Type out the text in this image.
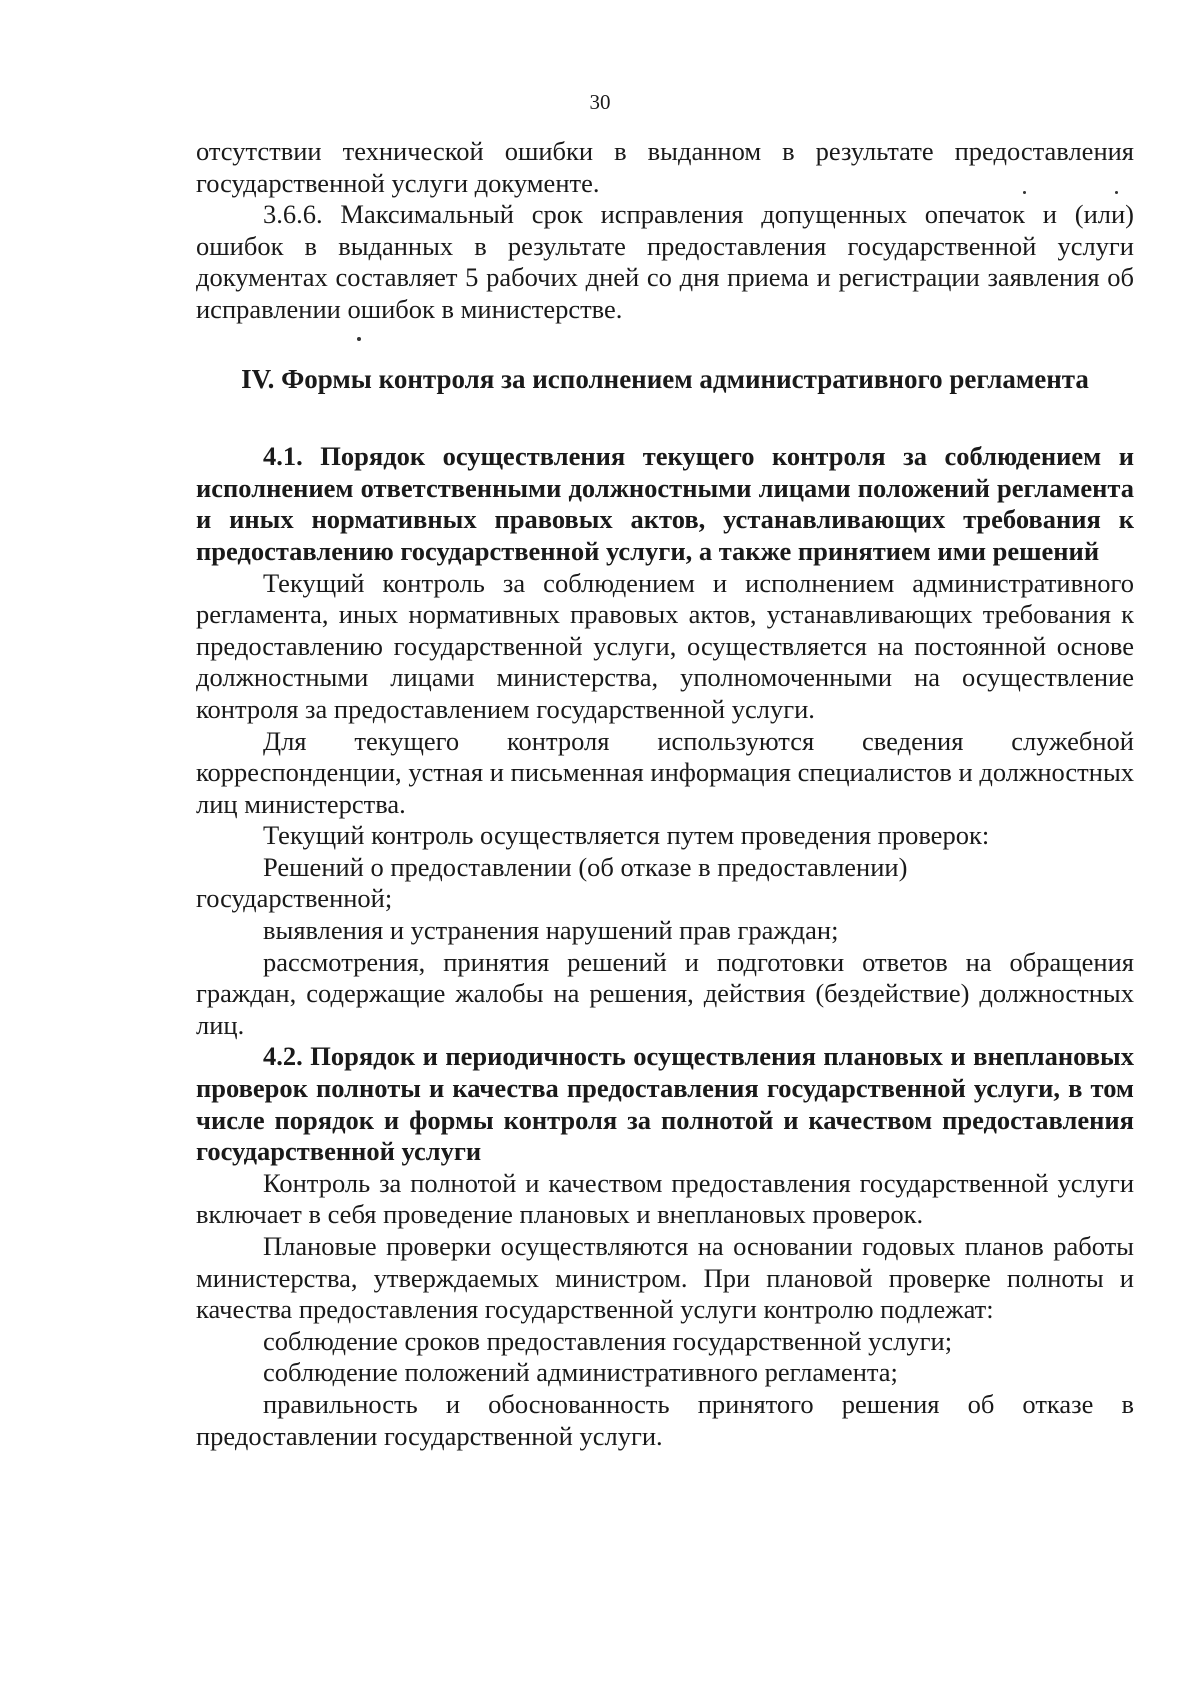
30

отсутствии технической ошибки в выданном в результате предоставления государственной услуги документе.

3.6.6. Максимальный срок исправления допущенных опечаток и (или) ошибок в выданных в результате предоставления государственной услуги документах составляет 5 рабочих дней со дня приема и регистрации заявления об исправлении ошибок в министерстве.

IV. Формы контроля за исполнением административного регламента

4.1. Порядок осуществления текущего контроля за соблюдением и исполнением ответственными должностными лицами положений регламента и иных нормативных правовых актов, устанавливающих требования к предоставлению государственной услуги, а также принятием ими решений

Текущий контроль за соблюдением и исполнением административного регламента, иных нормативных правовых актов, устанавливающих требования к предоставлению государственной услуги, осуществляется на постоянной основе должностными лицами министерства, уполномоченными на осуществление контроля за предоставлением государственной услуги.

Для текущего контроля используются сведения служебной корреспонденции, устная и письменная информация специалистов и должностных лиц министерства.

Текущий контроль осуществляется путем проведения проверок:

Решений о предоставлении (об отказе в предоставлении)

государственной;

выявления и устранения нарушений прав граждан;

рассмотрения, принятия решений и подготовки ответов на обращения граждан, содержащие жалобы на решения, действия (бездействие) должностных лиц.

4.2. Порядок и периодичность осуществления плановых и внеплановых проверок полноты и качества предоставления государственной услуги, в том числе порядок и формы контроля за полнотой и качеством предоставления государственной услуги

Контроль за полнотой и качеством предоставления государственной услуги включает в себя проведение плановых и внеплановых проверок.

Плановые проверки осуществляются на основании годовых планов работы министерства, утверждаемых министром. При плановой проверке полноты и качества предоставления государственной услуги контролю подлежат:

соблюдение сроков предоставления государственной услуги;

соблюдение положений административного регламента;

правильность и обоснованность принятого решения об отказе в предоставлении государственной услуги.
